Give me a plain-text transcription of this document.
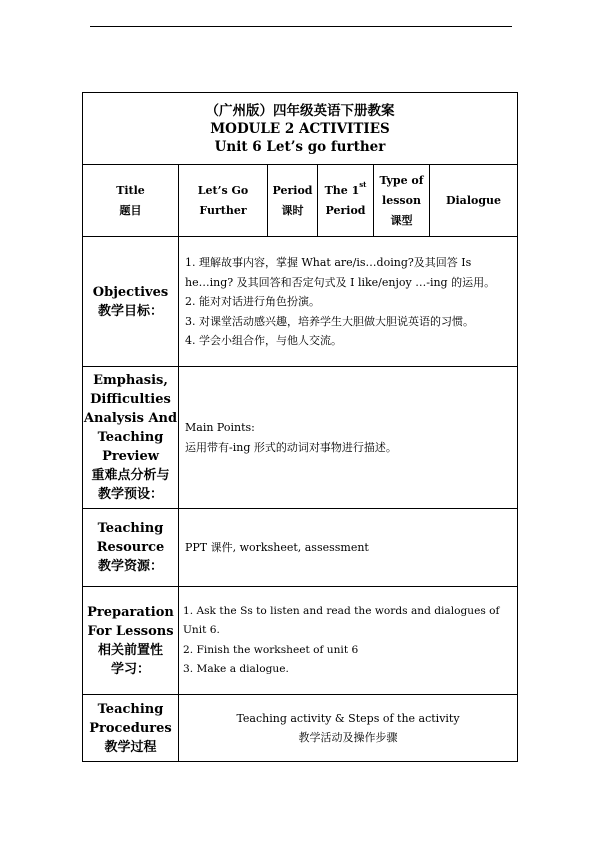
（广州版）四年级英语下册教案
MODULE 2 ACTIVITIES
Unit 6 Let’s go further
Title
题目
Let’s Go
Further
Period
课时
The 1st
Period
Type of
lesson
课型
Dialogue
Objectives
教学目标：
1. 理解故事内容，掌握 What are/is…doing?及其回答 Is
he…ing? 及其回答和否定句式及 I like/enjoy …-ing 的运用。
2. 能对对话进行角色扮演。
3. 对课堂活动感兴趣，培养学生大胆做大胆说英语的习惯。
4. 学会小组合作，与他人交流。
Emphasis,
Difficulties
Analysis And
Teaching
Preview
重难点分析与
教学预设：
Main Points:
运用带有-ing 形式的动词对事物进行描述。
Teaching
Resource
教学资源：
PPT 课件, worksheet, assessment
Preparation
For Lessons
相关前置性
学习：
1. Ask the Ss to listen and read the words and dialogues of Unit 6.
2. Finish the worksheet of unit 6
3. Make a dialogue.
Teaching
Procedures
教学过程
Teaching activity & Steps of the activity
教学活动及操作步骤
